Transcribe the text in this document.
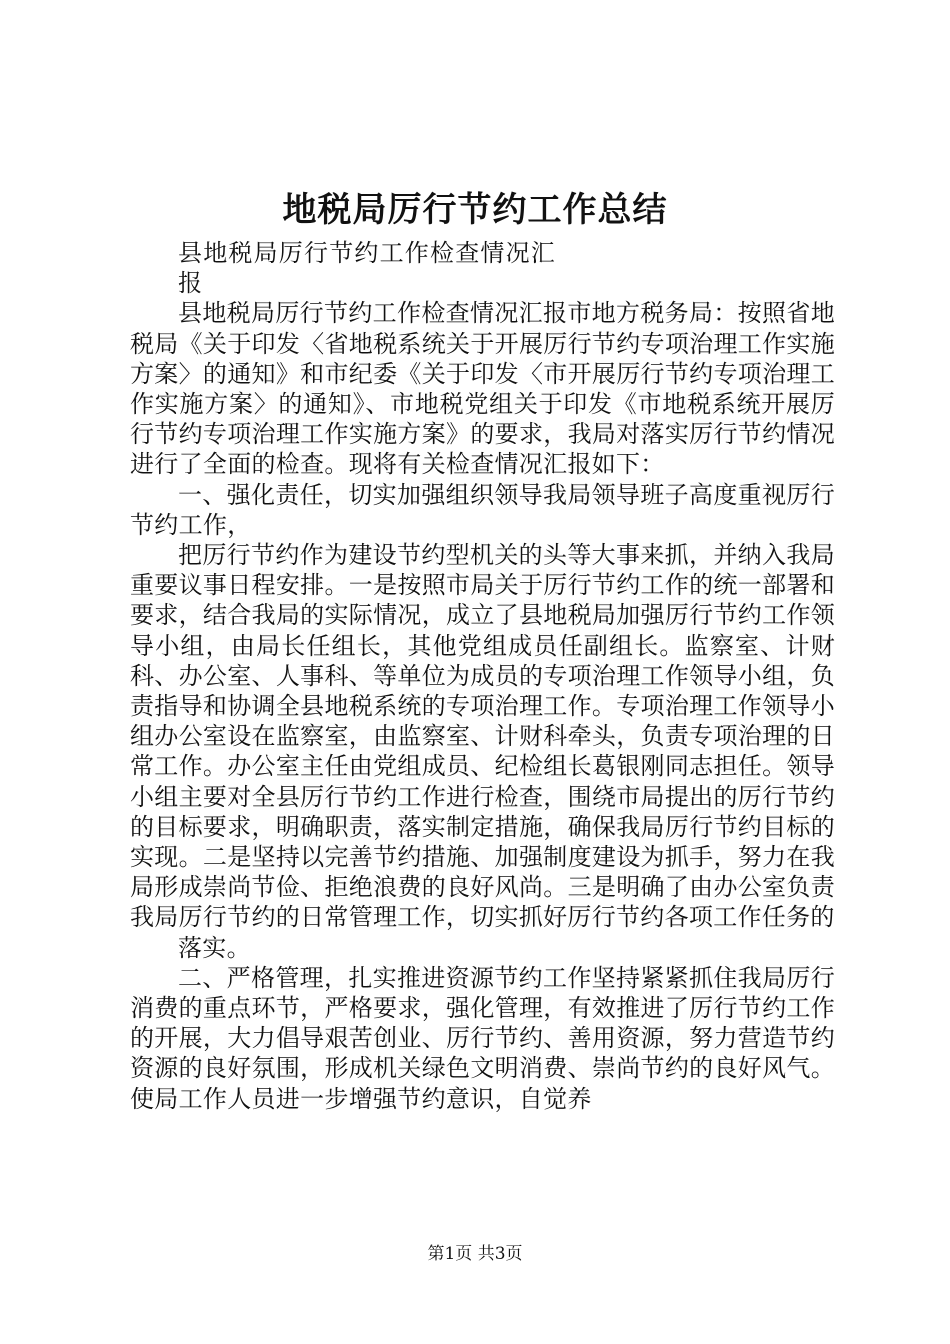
地税局厉行节约工作总结

县地税局厉行节约工作检查情况汇报

县地税局厉行节约工作检查情况汇报市地方税务局：按照省地税局《关于印发〈省地税系统关于开展厉行节约专项治理工作实施方案〉的通知》和市纪委《关于印发〈市开展厉行节约专项治理工作实施方案〉的通知》、市地税党组关于印发《市地税系统开展厉行节约专项治理工作实施方案》的要求，我局对落实厉行节约情况进行了全面的检查。现将有关检查情况汇报如下：

一、强化责任，切实加强组织领导我局领导班子高度重视厉行节约工作，

把厉行节约作为建设节约型机关的头等大事来抓，并纳入我局重要议事日程安排。一是按照市局关于厉行节约工作的统一部署和要求，结合我局的实际情况，成立了县地税局加强厉行节约工作领导小组，由局长任组长，其他党组成员任副组长。监察室、计财科、办公室、人事科、等单位为成员的专项治理工作领导小组，负责指导和协调全县地税系统的专项治理工作。专项治理工作领导小组办公室设在监察室，由监察室、计财科牵头，负责专项治理的日常工作。办公室主任由党组成员、纪检组长葛银刚同志担任。领导小组主要对全县厉行节约工作进行检查，围绕市局提出的厉行节约的目标要求，明确职责，落实制定措施，确保我局厉行节约目标的实现。二是坚持以完善节约措施、加强制度建设为抓手，努力在我局形成崇尚节俭、拒绝浪费的良好风尚。三是明确了由办公室负责我局厉行节约的日常管理工作，切实抓好厉行节约各项工作任务的

落实。

二、严格管理，扎实推进资源节约工作坚持紧紧抓住我局厉行消费的重点环节，严格要求，强化管理，有效推进了厉行节约工作的开展，大力倡导艰苦创业、厉行节约、善用资源，努力营造节约资源的良好氛围，形成机关绿色文明消费、崇尚节约的良好风气。使局工作人员进一步增强节约意识，自觉养

第1页 共3页
